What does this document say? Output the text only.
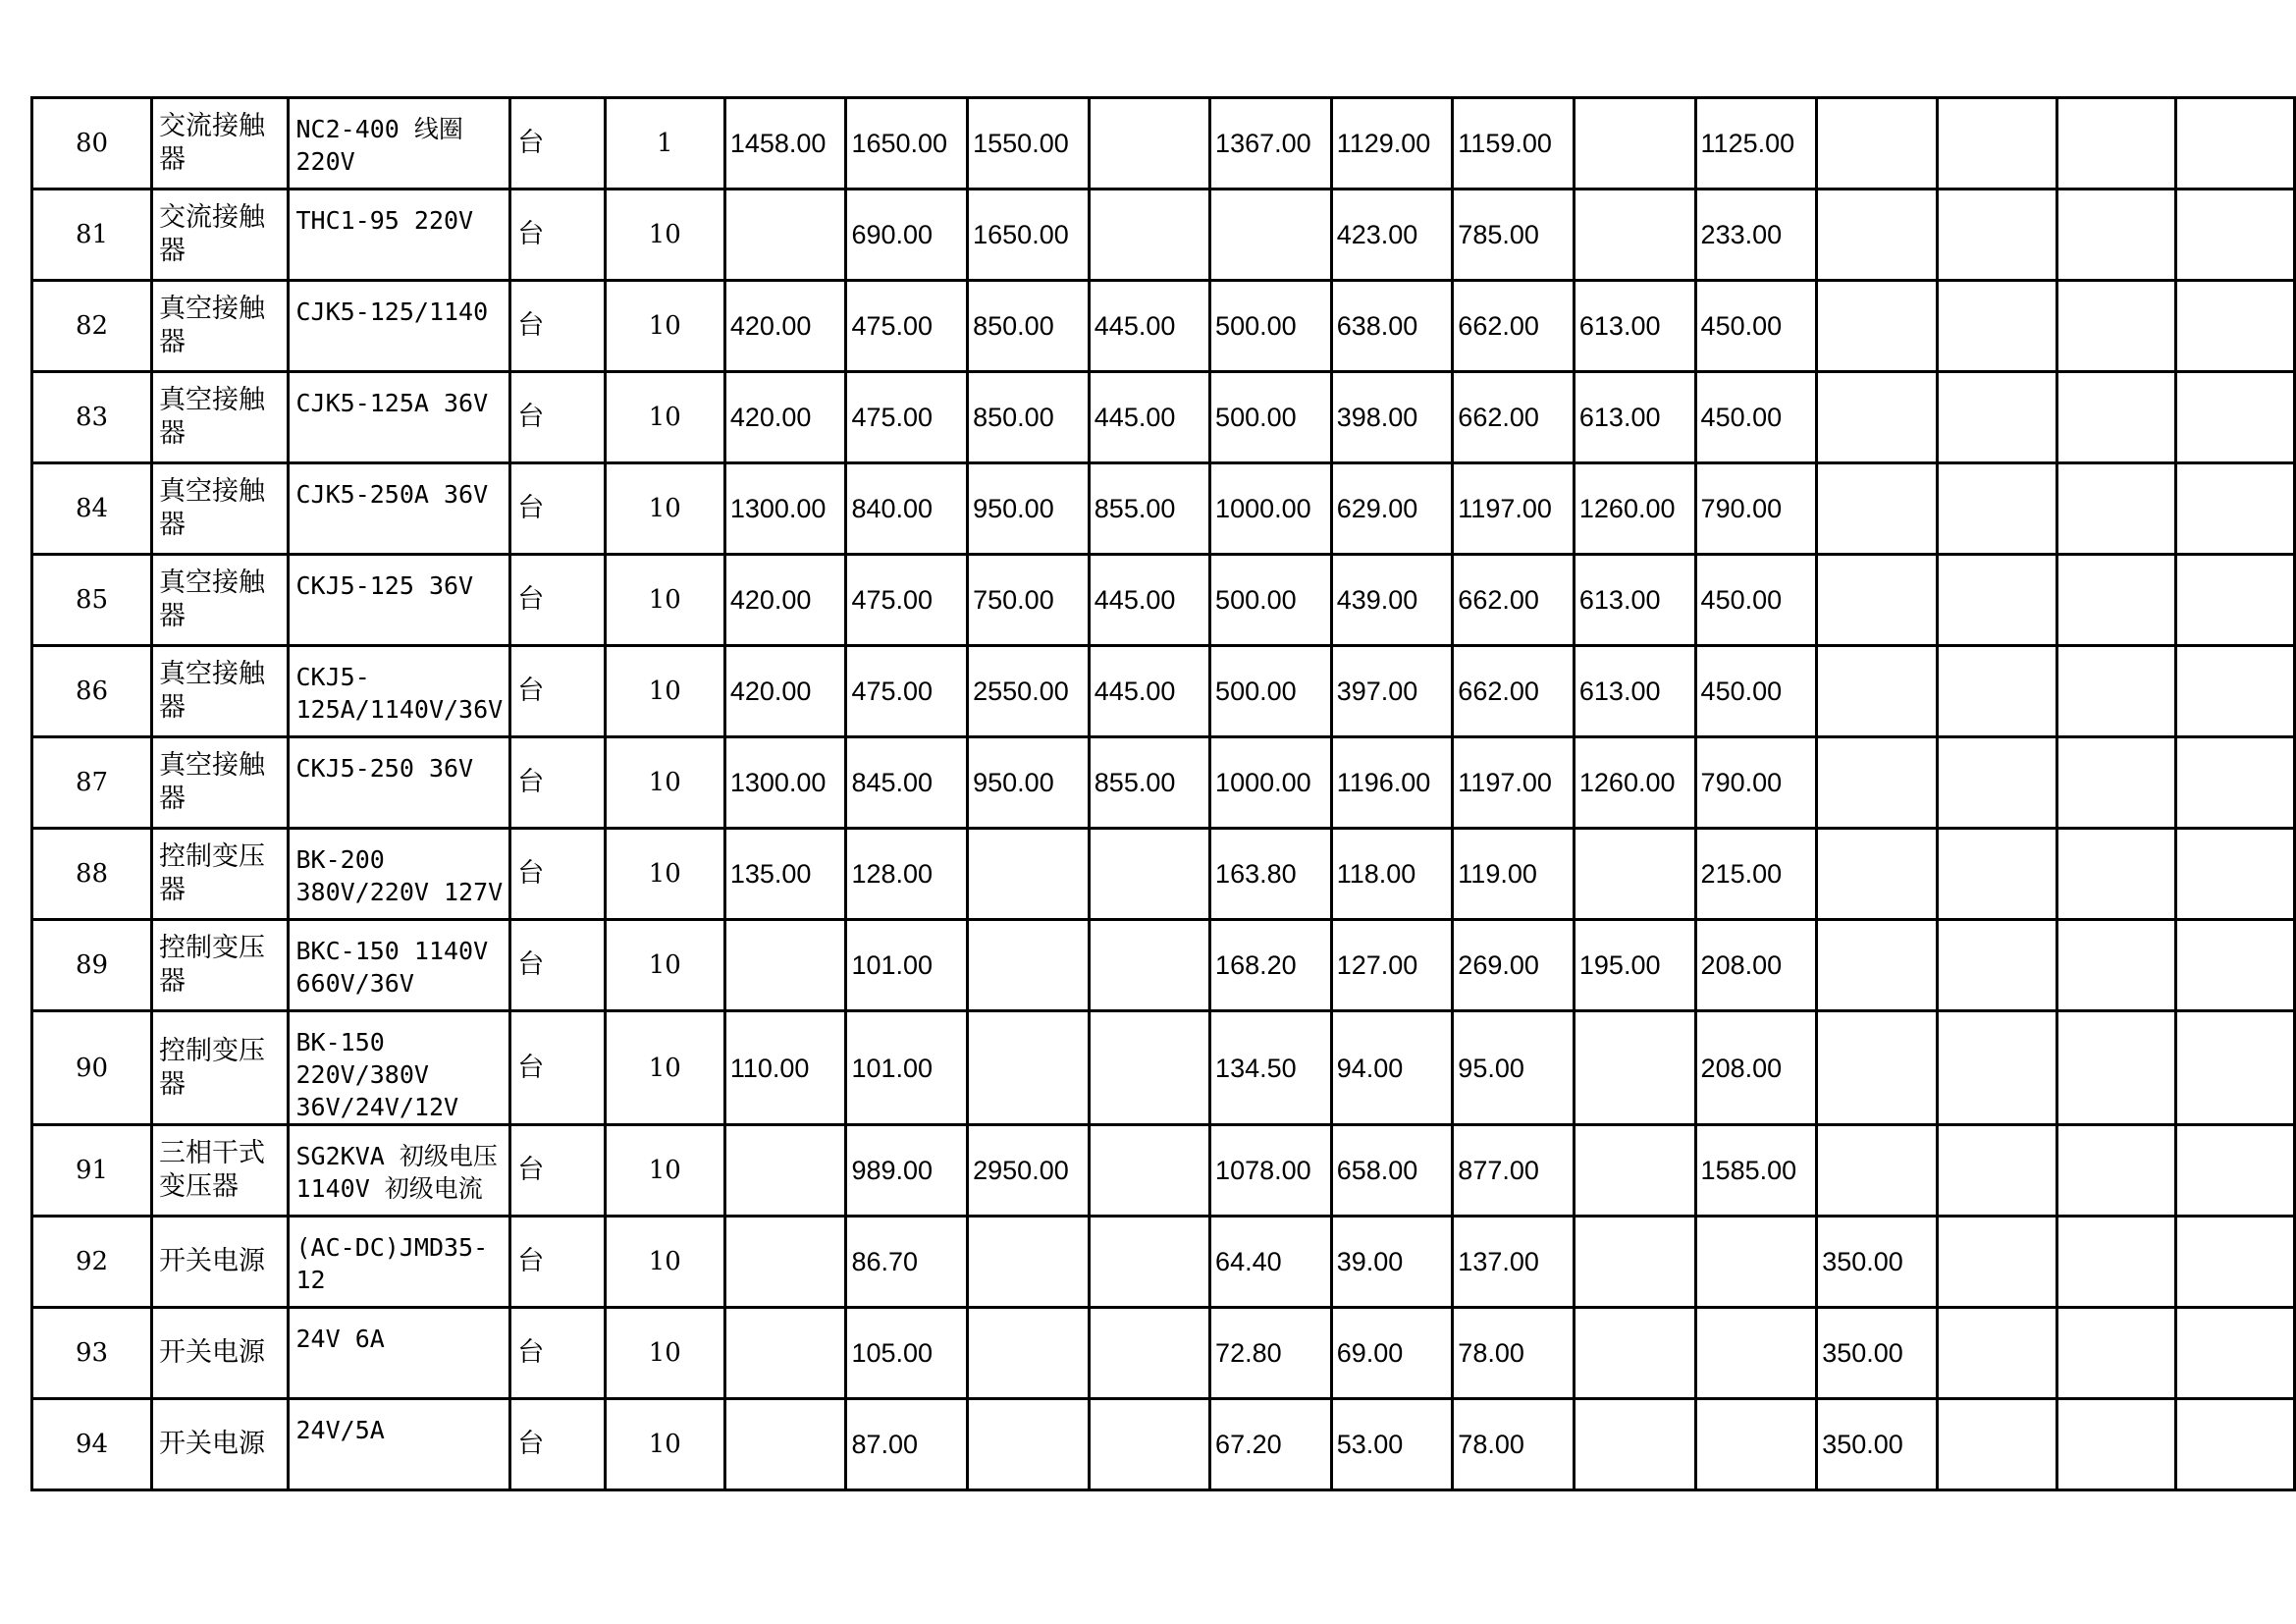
80	交流接触器	NC2-400 线圈220V	台	1	1458.00	1650.00	1550.00		1367.00	1129.00	1159.00		1125.00				
81	交流接触器	THC1-95 220V	台	10		690.00	1650.00			423.00	785.00		233.00				
82	真空接触器	CJK5-125/1140	台	10	420.00	475.00	850.00	445.00	500.00	638.00	662.00	613.00	450.00				
83	真空接触器	CJK5-125A 36V	台	10	420.00	475.00	850.00	445.00	500.00	398.00	662.00	613.00	450.00				
84	真空接触器	CJK5-250A 36V	台	10	1300.00	840.00	950.00	855.00	1000.00	629.00	1197.00	1260.00	790.00				
85	真空接触器	CKJ5-125 36V	台	10	420.00	475.00	750.00	445.00	500.00	439.00	662.00	613.00	450.00				
86	真空接触器	CKJ5-125A/1140V/36V	台	10	420.00	475.00	2550.00	445.00	500.00	397.00	662.00	613.00	450.00				
87	真空接触器	CKJ5-250 36V	台	10	1300.00	845.00	950.00	855.00	1000.00	1196.00	1197.00	1260.00	790.00				
88	控制变压器	BK-200 380V/220V 127V	台	10	135.00	128.00			163.80	118.00	119.00		215.00				
89	控制变压器	BKC-150 1140V 660V/36V	台	10		101.00			168.20	127.00	269.00	195.00	208.00				
90	控制变压器	BK-150 220V/380V 36V/24V/12V	台	10	110.00	101.00			134.50	94.00	95.00		208.00				
91	三相干式变压器	SG2KVA 初级电压 1140V 初级电流	台	10		989.00	2950.00		1078.00	658.00	877.00		1585.00				
92	开关电源	(AC-DC)JMD35-12	台	10		86.70			64.40	39.00	137.00			350.00			
93	开关电源	24V 6A	台	10		105.00			72.80	69.00	78.00			350.00			
94	开关电源	24V/5A	台	10		87.00			67.20	53.00	78.00			350.00			
